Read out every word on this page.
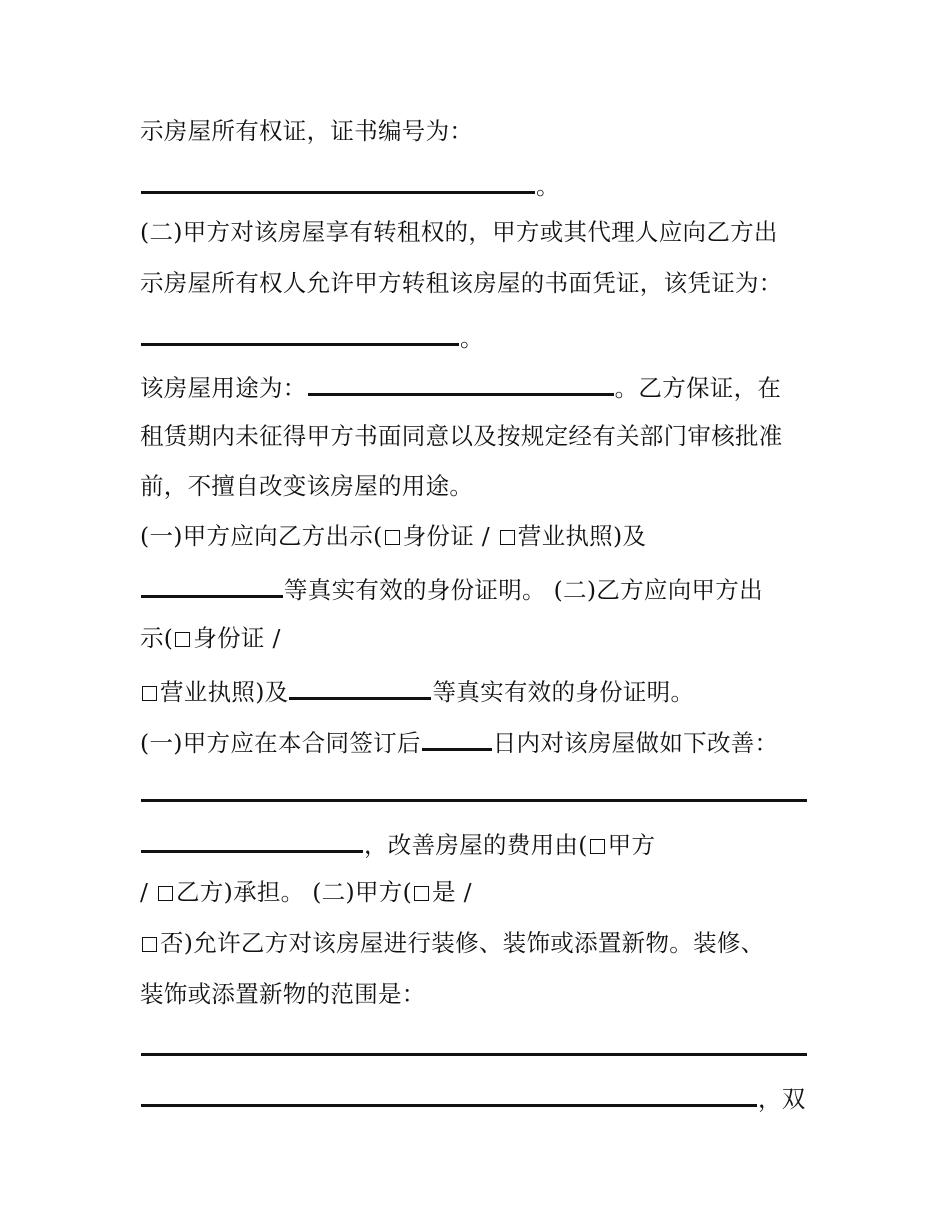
示房屋所有权证，证书编号为：
。
(二)甲方对该房屋享有转租权的，甲方或其代理人应向乙方出
示房屋所有权人允许甲方转租该房屋的书面凭证，该凭证为：
。
该房屋用途为：	。乙方保证，在
租赁期内未征得甲方书面同意以及按规定经有关部门审核批准
前，不擅自改变该房屋的用途。
(一)甲方应向乙方出示( 身份证 / 营业执照)及
等真实有效的身份证明。 (二)乙方应向甲方出
示( 身份证 /
营业执照)及	等真实有效的身份证明。
(一)甲方应在本合同签订后	日内对该房屋做如下改善：
，改善房屋的费用由( 甲方
/ 乙方)承担。 (二)甲方( 是 /
否)允许乙方对该房屋进行装修、装饰或添置新物。装修、
装饰或添置新物的范围是：
，双
